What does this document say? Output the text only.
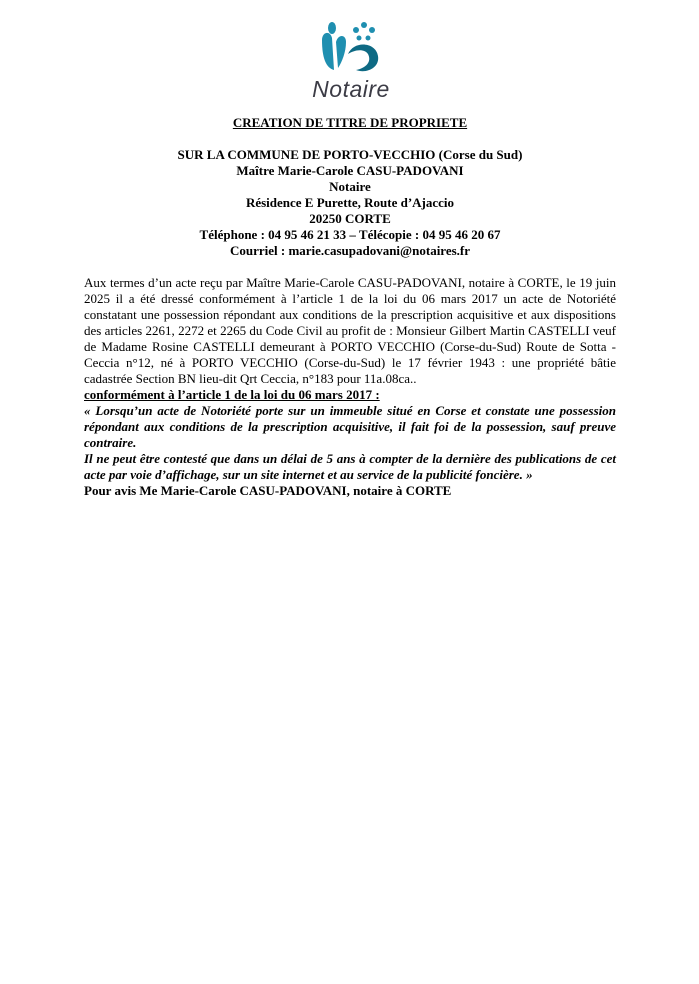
Notaire
CREATION DE TITRE DE PROPRIETE
SUR LA COMMUNE DE PORTO-VECCHIO (Corse du Sud)
Maître Marie-Carole CASU-PADOVANI
Notaire
Résidence E Purette, Route d’Ajaccio
20250 CORTE
Téléphone : 04 95 46 21 33 – Télécopie : 04 95 46 20 67
Courriel : marie.casupadovani@notaires.fr

Aux termes d’un acte reçu par Maître Marie-Carole CASU-PADOVANI, notaire à CORTE, le 19 juin 2025 il a été dressé conformément à l’article 1 de la loi du 06 mars 2017 un acte de Notoriété constatant une possession répondant aux conditions de la prescription acquisitive et aux dispositions des articles 2261, 2272 et 2265 du Code Civil au profit de : Monsieur Gilbert Martin CASTELLI veuf de Madame Rosine CASTELLI demeurant à PORTO VECCHIO (Corse-du-Sud) Route de Sotta - Ceccia n°12, né à PORTO VECCHIO (Corse-du-Sud) le 17 février 1943 : une propriété bâtie cadastrée Section BN lieu-dit Qrt Ceccia, n°183 pour 11a.08ca..

conformément à l’article 1 de la loi du 06 mars 2017 :

« Lorsqu’un acte de Notoriété porte sur un immeuble situé en Corse et constate une possession répondant aux conditions de la prescription acquisitive, il fait foi de la possession, sauf preuve contraire.

Il ne peut être contesté que dans un délai de 5 ans à compter de la dernière des publications de cet acte par voie d’affichage, sur un site internet et au service de la publicité foncière. »

Pour avis Me Marie-Carole CASU-PADOVANI, notaire à CORTE
